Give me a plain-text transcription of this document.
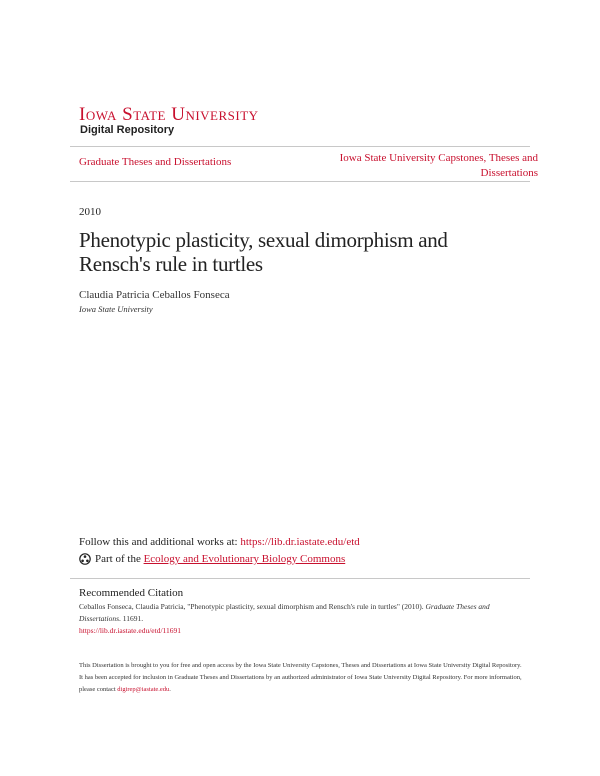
Iowa State University
Digital Repository
Graduate Theses and Dissertations	Iowa State University Capstones, Theses and Dissertations
2010
Phenotypic plasticity, sexual dimorphism and Rensch's rule in turtles
Claudia Patricia Ceballos Fonseca
Iowa State University
Follow this and additional works at: https://lib.dr.iastate.edu/etd
Part of the
Ecology and Evolutionary Biology Commons
Recommended Citation
Ceballos Fonseca, Claudia Patricia, "Phenotypic plasticity, sexual dimorphism and Rensch's rule in turtles" (2010). Graduate Theses and Dissertations. 11691.
https://lib.dr.iastate.edu/etd/11691
This Dissertation is brought to you for free and open access by the Iowa State University Capstones, Theses and Dissertations at Iowa State University Digital Repository. It has been accepted for inclusion in Graduate Theses and Dissertations by an authorized administrator of Iowa State University Digital Repository. For more information, please contact digirep@iastate.edu.
